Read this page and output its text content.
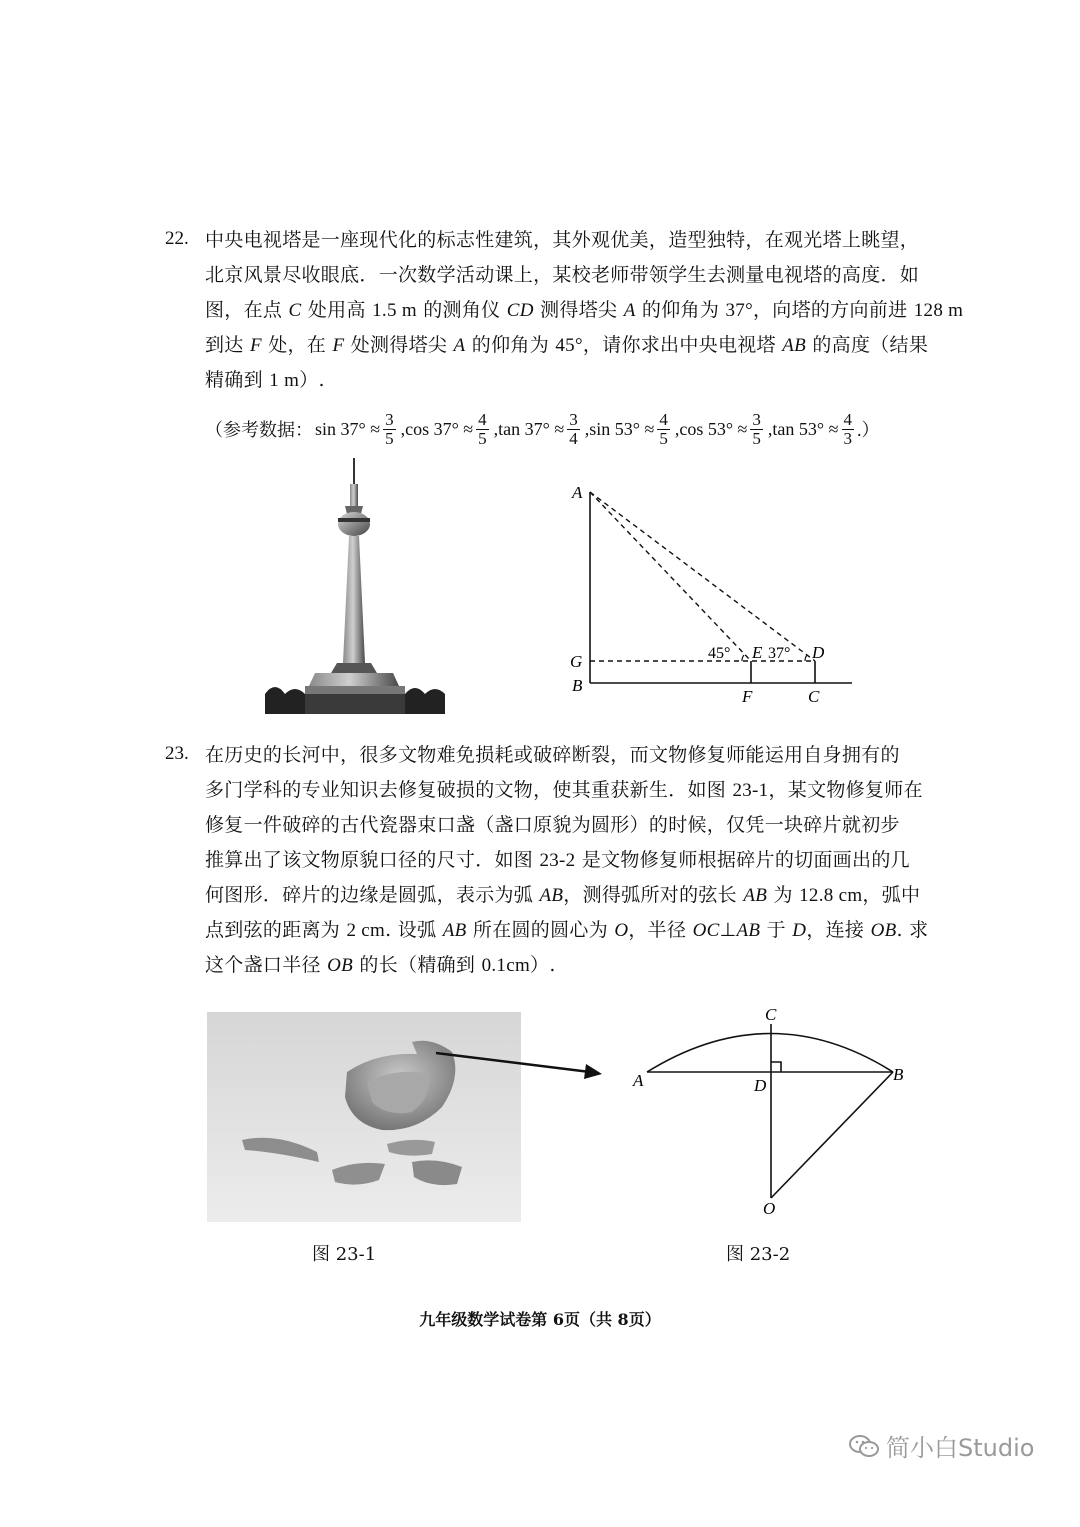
22. 中央电视塔是一座现代化的标志性建筑，其外观优美，造型独特，在观光塔上眺望，
北京风景尽收眼底．一次数学活动课上，某校老师带领学生去测量电视塔的高度．如
图，在点 C 处用高 1.5 m 的测角仪 CD 测得塔尖 A 的仰角为 37°，向塔的方向前进 128 m
到达 F 处，在 F 处测得塔尖 A 的仰角为 45°，请你求出中央电视塔 AB 的高度（结果
精确到 1 m）.
（参考数据： $\sin 37^\circ \approx \frac{3}{5} ,\cos$ $37^\circ \approx \frac{4}{5} ,\tan$ $37^\circ \approx \frac{3}{4} ,\sin$ $53^\circ \approx \frac{4}{5} ,\cos$ $53^\circ \approx \frac{3}{5} ,\tan$ $53^\circ \approx \frac{4}{3}$ .）
A
G
B
45° E 37° D
F	C
23. 在历史的长河中，很多文物难免损耗或破碎断裂，而文物修复师能运用自身拥有的
多门学科的专业知识去修复破损的文物，使其重获新生．如图 23-1，某文物修复师在
修复一件破碎的古代瓷器束口盏（盏口原貌为圆形）的时候，仅凭一块碎片就初步
推算出了该文物原貌口径的尺寸．如图 23-2 是文物修复师根据碎片的切面画出的几
何图形．碎片的边缘是圆弧，表示为弧 AB，测得弧所对的弦长 AB 为 12.8 cm，弧中
点到弦的距离为 2 cm. 设弧 AB 所在圆的圆心为 O，半径 OC⊥AB 于 D，连接 OB. 求
这个盏口半径 OB 的长（精确到 0.1cm）.
C
A	D
B
O
图 23-1	图 23-2
九年级数学试卷第 6页（共 8页）
简小白Studio
